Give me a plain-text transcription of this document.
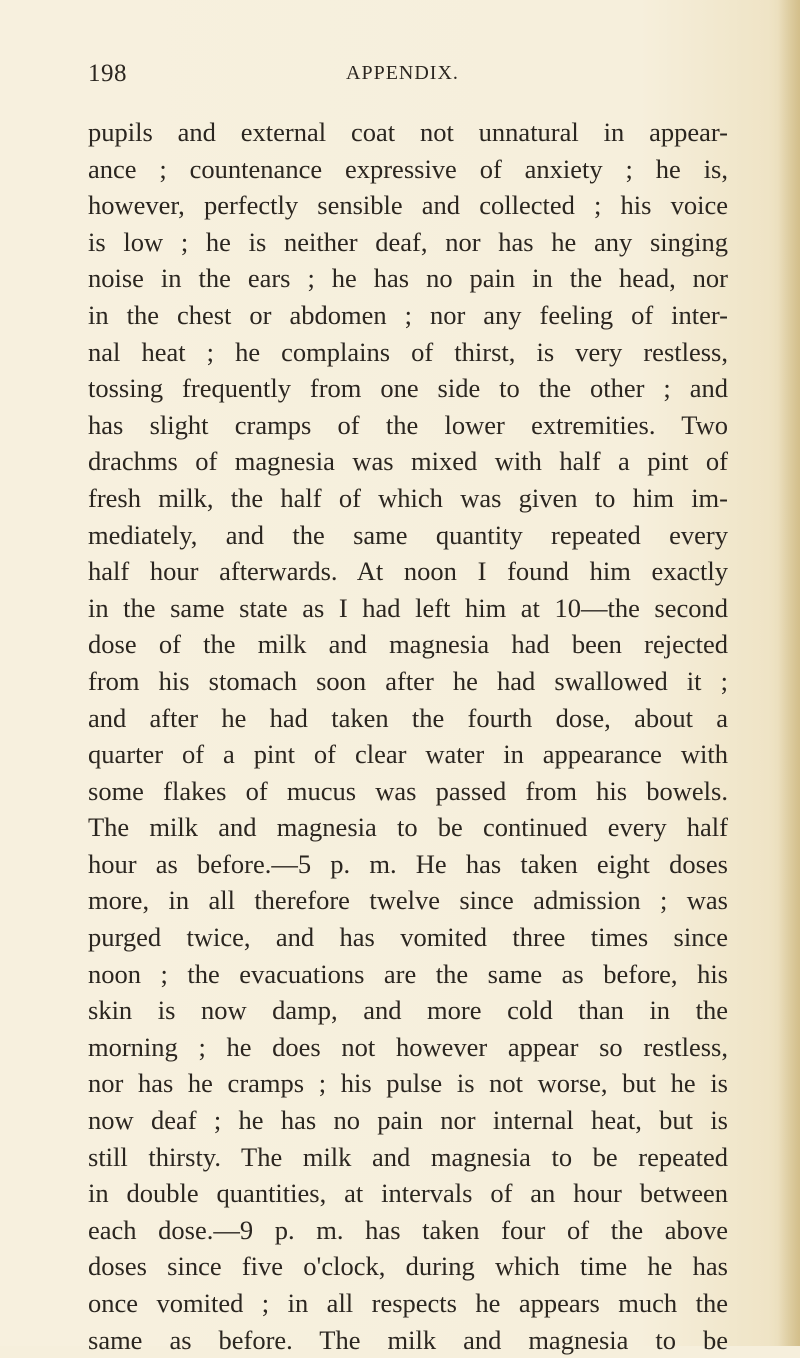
198	APPENDIX.
pupils and external coat not unnatural in appear-
ance ; countenance expressive of anxiety ; he is,
however, perfectly sensible and collected ; his voice
is low ; he is neither deaf, nor has he any singing
noise in the ears ; he has no pain in the head, nor
in the chest or abdomen ; nor any feeling of inter-
nal heat ; he complains of thirst, is very restless,
tossing frequently from one side to the other ; and
has slight cramps of the lower extremities. Two
drachms of magnesia was mixed with half a pint of
fresh milk, the half of which was given to him im-
mediately, and the same quantity repeated every
half hour afterwards. At noon I found him exactly
in the same state as I had left him at 10—the second
dose of the milk and magnesia had been rejected
from his stomach soon after he had swallowed it ;
and after he had taken the fourth dose, about a
quarter of a pint of clear water in appearance with
some flakes of mucus was passed from his bowels.
The milk and magnesia to be continued every half
hour as before.—5 p. m. He has taken eight doses
more, in all therefore twelve since admission ; was
purged twice, and has vomited three times since
noon ; the evacuations are the same as before, his
skin is now damp, and more cold than in the
morning ; he does not however appear so restless,
nor has he cramps ; his pulse is not worse, but he is
now deaf ; he has no pain nor internal heat, but is
still thirsty. The milk and magnesia to be repeated
in double quantities, at intervals of an hour between
each dose.—9 p. m. has taken four of the above
doses since five o'clock, during which time he has
once vomited ; in all respects he appears much the
same as before. The milk and magnesia to be
